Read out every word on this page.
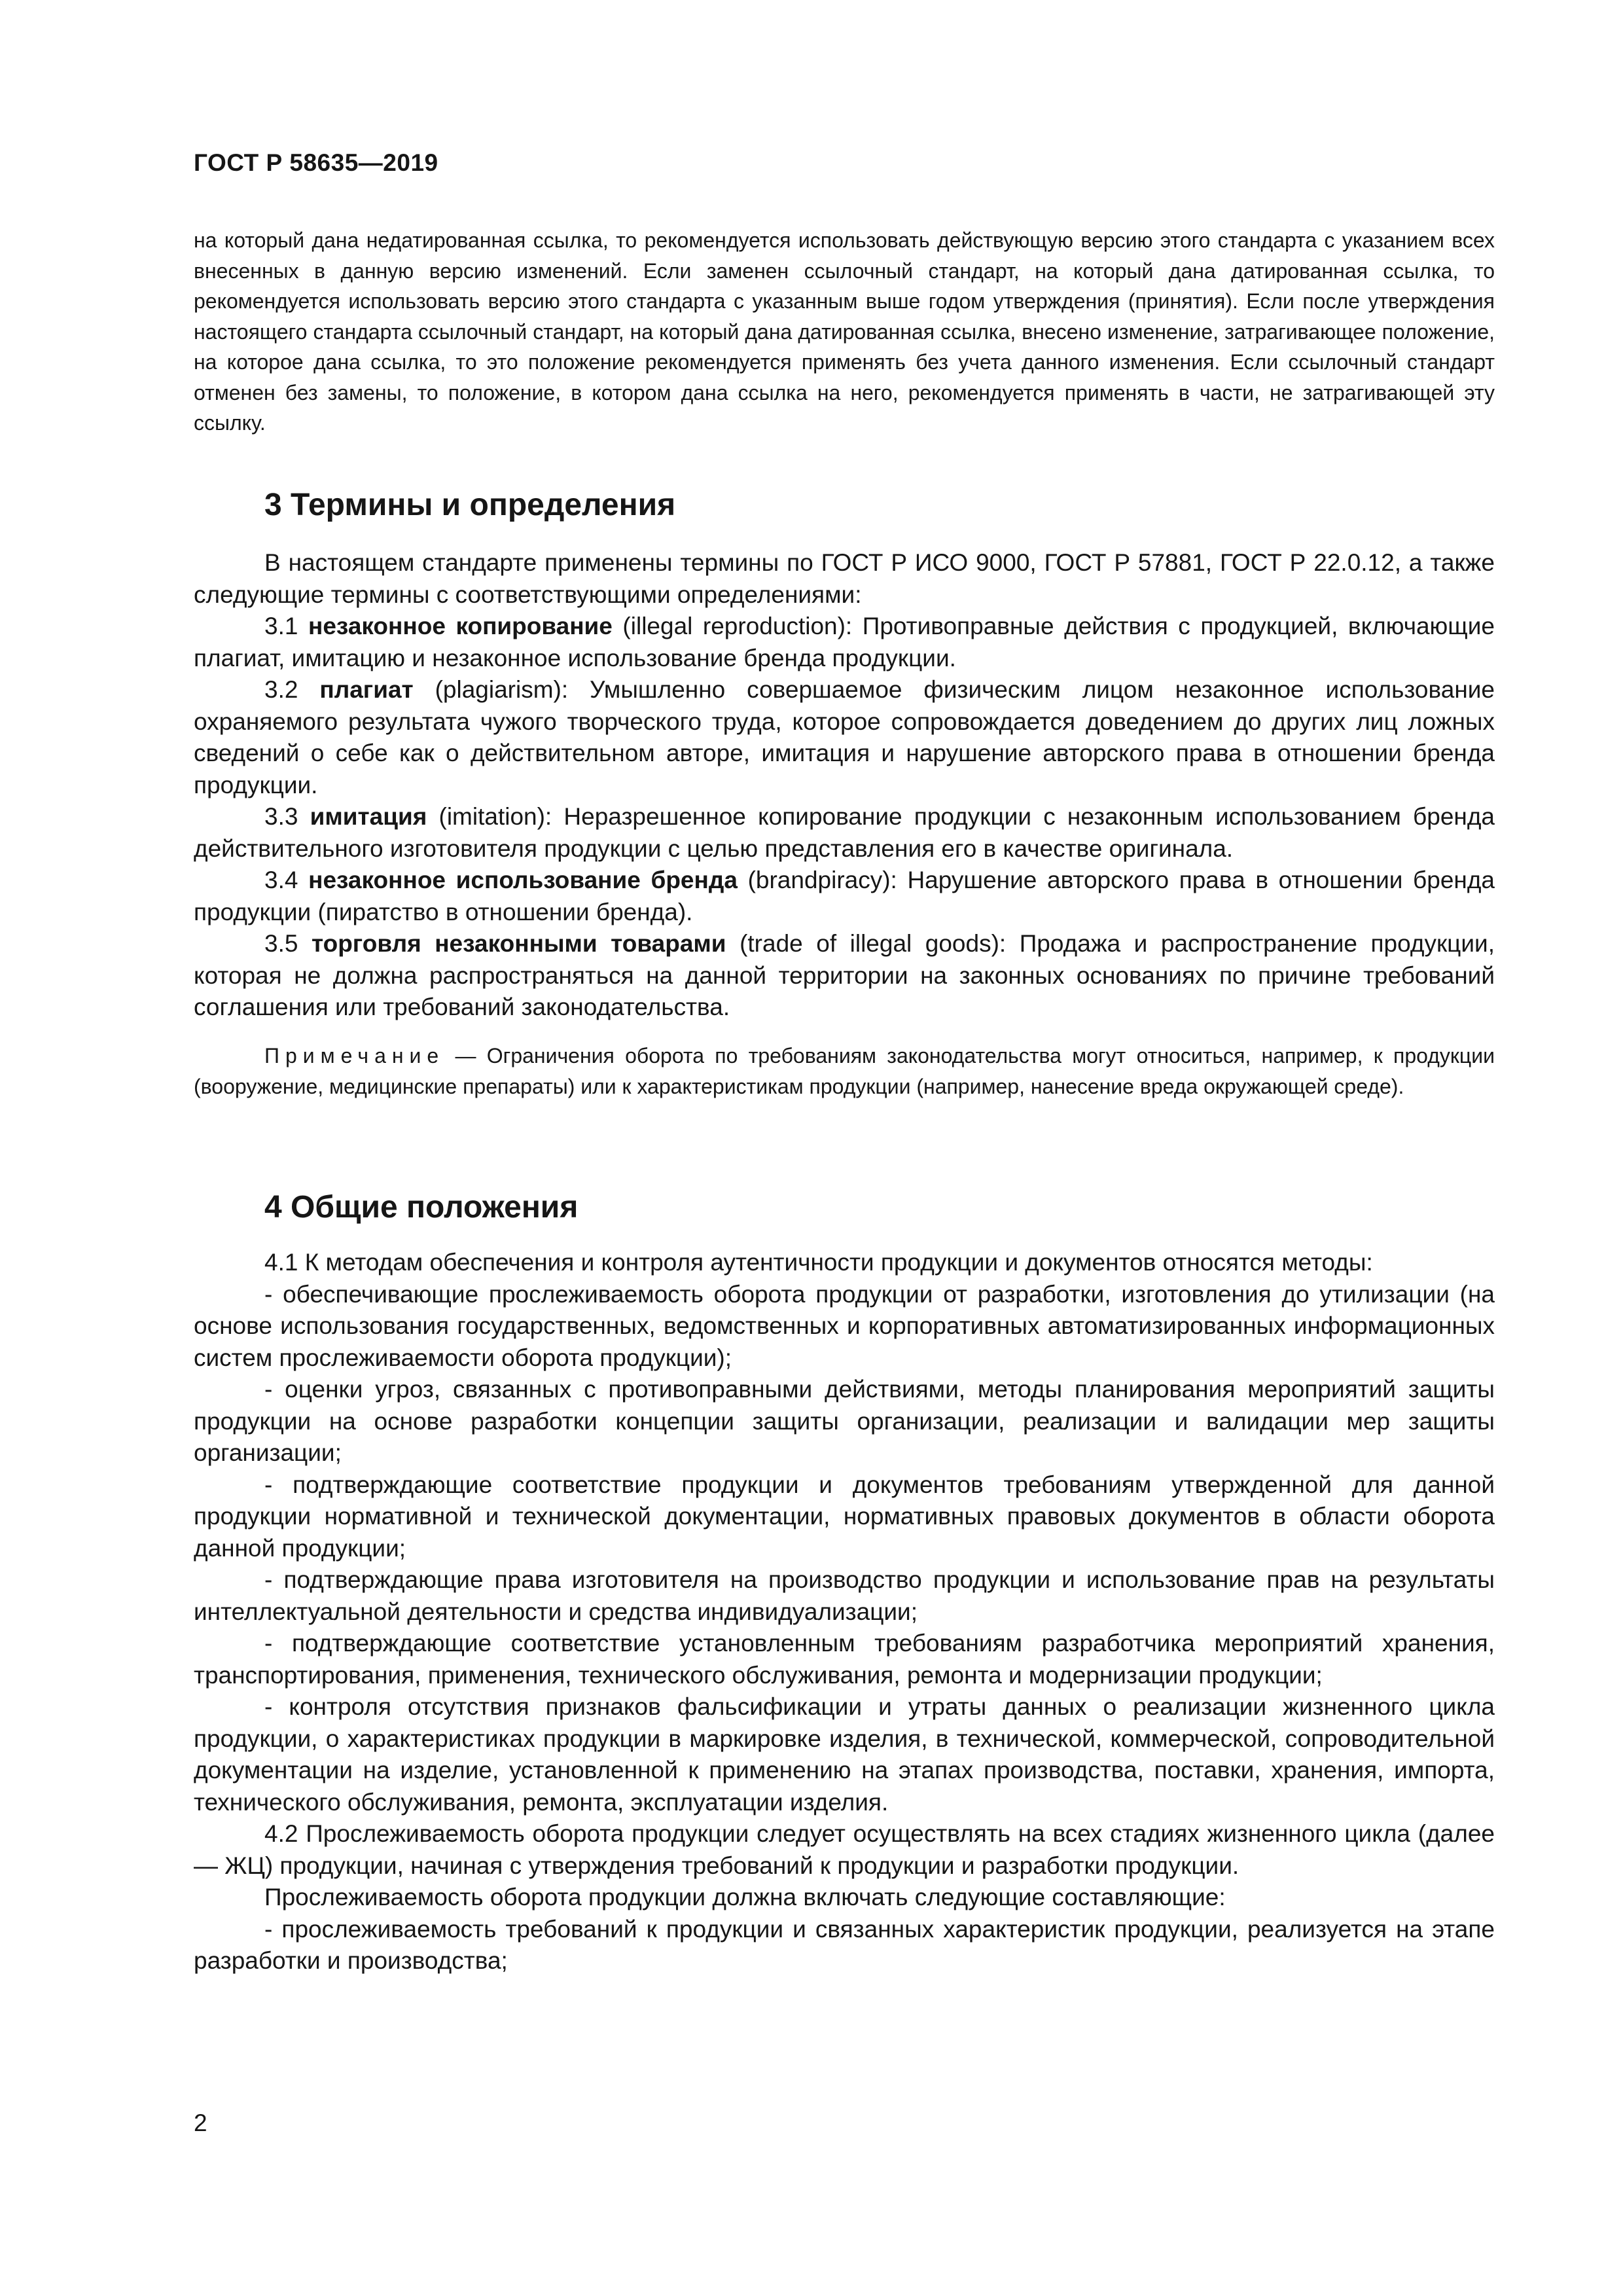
ГОСТ Р 58635—2019
на который дана недатированная ссылка, то рекомендуется использовать действующую версию этого стандарта с указанием всех внесенных в данную версию изменений. Если заменен ссылочный стандарт, на который дана датированная ссылка, то рекомендуется использовать версию этого стандарта с указанным выше годом утверждения (принятия). Если после утверждения настоящего стандарта ссылочный стандарт, на который дана датированная ссылка, внесено изменение, затрагивающее положение, на которое дана ссылка, то это положение рекомендуется применять без учета данного изменения. Если ссылочный стандарт отменен без замены, то положение, в котором дана ссылка на него, рекомендуется применять в части, не затрагивающей эту ссылку.
3 Термины и определения

В настоящем стандарте применены термины по ГОСТ Р ИСО 9000, ГОСТ Р 57881, ГОСТ Р 22.0.12, а также следующие термины с соответствующими определениями:

3.1 незаконное копирование (illegal reproduction): Противоправные действия с продукцией, включающие плагиат, имитацию и незаконное использование бренда продукции.

3.2 плагиат (plagiarism): Умышленно совершаемое физическим лицом незаконное использование охраняемого результата чужого творческого труда, которое сопровождается доведением до других лиц ложных сведений о себе как о действительном авторе, имитация и нарушение авторского права в отношении бренда продукции.

3.3 имитация (imitation): Неразрешенное копирование продукции с незаконным использованием бренда действительного изготовителя продукции с целью представления его в качестве оригинала.

3.4 незаконное использование бренда (brandpiracy): Нарушение авторского права в отношении бренда продукции (пиратство в отношении бренда).

3.5 торговля незаконными товарами (trade of illegal goods): Продажа и распространение продукции, которая не должна распространяться на данной территории на законных основаниях по причине требований соглашения или требований законодательства.

Примечание — Ограничения оборота по требованиям законодательства могут относиться, например, к продукции (вооружение, медицинские препараты) или к характеристикам продукции (например, нанесение вреда окружающей среде).
4 Общие положения

4.1 К методам обеспечения и контроля аутентичности продукции и документов относятся методы:

- обеспечивающие прослеживаемость оборота продукции от разработки, изготовления до утилизации (на основе использования государственных, ведомственных и корпоративных автоматизированных информационных систем прослеживаемости оборота продукции);

- оценки угроз, связанных с противоправными действиями, методы планирования мероприятий защиты продукции на основе разработки концепции защиты организации, реализации и валидации мер защиты организации;

- подтверждающие соответствие продукции и документов требованиям утвержденной для данной продукции нормативной и технической документации, нормативных правовых документов в области оборота данной продукции;

- подтверждающие права изготовителя на производство продукции и использование прав на результаты интеллектуальной деятельности и средства индивидуализации;

- подтверждающие соответствие установленным требованиям разработчика мероприятий хранения, транспортирования, применения, технического обслуживания, ремонта и модернизации продукции;

- контроля отсутствия признаков фальсификации и утраты данных о реализации жизненного цикла продукции, о характеристиках продукции в маркировке изделия, в технической, коммерческой, сопроводительной документации на изделие, установленной к применению на этапах производства, поставки, хранения, импорта, технического обслуживания, ремонта, эксплуатации изделия.

4.2 Прослеживаемость оборота продукции следует осуществлять на всех стадиях жизненного цикла (далее — ЖЦ) продукции, начиная с утверждения требований к продукции и разработки продукции.

Прослеживаемость оборота продукции должна включать следующие составляющие:

- прослеживаемость требований к продукции и связанных характеристик продукции, реализуется на этапе разработки и производства;

2
